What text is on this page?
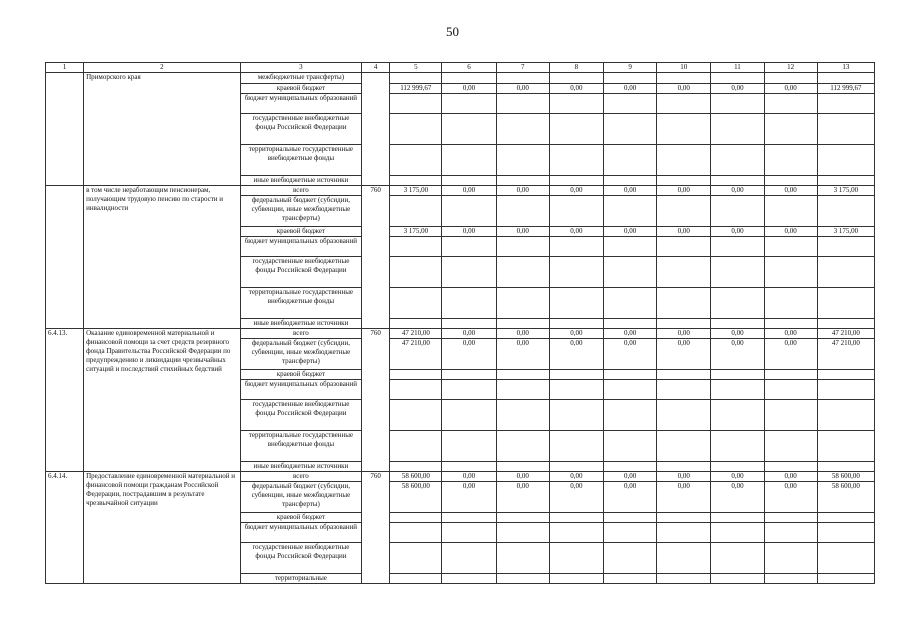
50
1	2	3	4	5	6	7	8	9	10	11	12	13
	Приморского края	межбюджетные трансферты)										
		краевой бюджет		112 999,67	0,00	0,00	0,00	0,00	0,00	0,00	0,00	112 999,67
		бюджет муниципальных образований										
		государственные внебюджетные фонды Российской Федерации										
		территориальные государственные внебюджетные фонды										
		иные внебюджетные источники										
	в том числе неработающим пенсионерам, получающим трудовую пенсию по старости и инвалидности	всего	760	3 175,00	0,00	0,00	0,00	0,00	0,00	0,00	0,00	3 175,00
		федеральный бюджет (субсидии, субвенции, иные межбюджетные трансферты)										
		краевой бюджет		3 175,00	0,00	0,00	0,00	0,00	0,00	0,00	0,00	3 175,00
		бюджет муниципальных образований										
		государственные внебюджетные фонды Российской Федерации										
		территориальные государственные внебюджетные фонды										
		иные внебюджетные источники										
6.4.13.	Оказание единовременной материальной и финансовой помощи за счет средств резервного фонда Правительства Российской Федерации по предупреждению и ликвидации чрезвычайных ситуаций и последствий стихийных бедствий	всего	760	47 210,00	0,00	0,00	0,00	0,00	0,00	0,00	0,00	47 210,00
		федеральный бюджет (субсидии, субвенции, иные межбюджетные трансферты)		47 210,00	0,00	0,00	0,00	0,00	0,00	0,00	0,00	47 210,00
		краевой бюджет										
		бюджет муниципальных образований										
		государственные внебюджетные фонды Российской Федерации										
		территориальные государственные внебюджетные фонды										
		иные внебюджетные источники										
6.4.14.	Предоставление единовременной материальной и финансовой помощи гражданам Российской Федерации, пострадавшим в результате чрезвычайной ситуации	всего	760	58 600,00	0,00	0,00	0,00	0,00	0,00	0,00	0,00	58 600,00
		федеральный бюджет (субсидии, субвенции, иные межбюджетные трансферты)		58 600,00	0,00	0,00	0,00	0,00	0,00	0,00	0,00	58 600,00
		краевой бюджет										
		бюджет муниципальных образований										
		государственные внебюджетные фонды Российской Федерации										
		территориальные										
